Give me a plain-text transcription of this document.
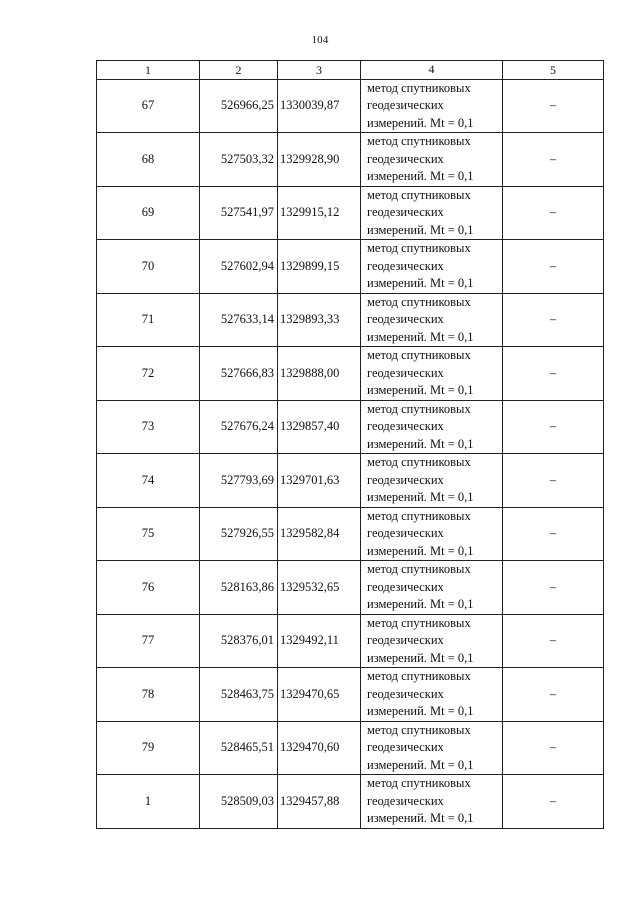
104
1	2	3	4	5
67	526966,25	1330039,87	метод спутниковых
геодезических
измерений. Mt = 0,1	–
68	527503,32	1329928,90	метод спутниковых
геодезических
измерений. Mt = 0,1	–
69	527541,97	1329915,12	метод спутниковых
геодезических
измерений. Mt = 0,1	–
70	527602,94	1329899,15	метод спутниковых
геодезических
измерений. Mt = 0,1	–
71	527633,14	1329893,33	метод спутниковых
геодезических
измерений. Mt = 0,1	–
72	527666,83	1329888,00	метод спутниковых
геодезических
измерений. Mt = 0,1	–
73	527676,24	1329857,40	метод спутниковых
геодезических
измерений. Mt = 0,1	–
74	527793,69	1329701,63	метод спутниковых
геодезических
измерений. Mt = 0,1	–
75	527926,55	1329582,84	метод спутниковых
геодезических
измерений. Mt = 0,1	–
76	528163,86	1329532,65	метод спутниковых
геодезических
измерений. Mt = 0,1	–
77	528376,01	1329492,11	метод спутниковых
геодезических
измерений. Mt = 0,1	–
78	528463,75	1329470,65	метод спутниковых
геодезических
измерений. Mt = 0,1	–
79	528465,51	1329470,60	метод спутниковых
геодезических
измерений. Mt = 0,1	–
1	528509,03	1329457,88	метод спутниковых
геодезических
измерений. Mt = 0,1	–
